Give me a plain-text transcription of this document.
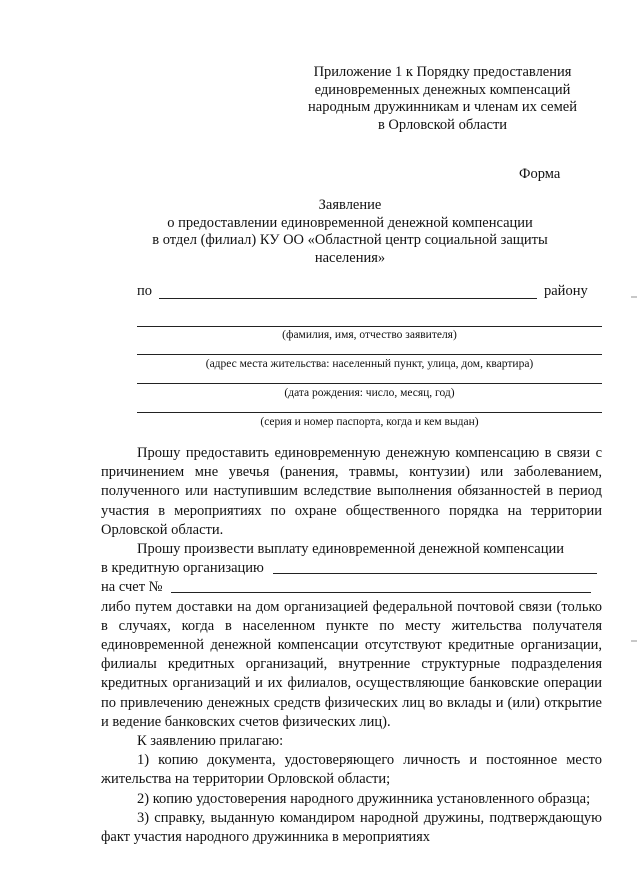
Приложение 1 к Порядку предоставления
единовременных денежных компенсаций
народным дружинникам и членам их семей
в Орловской области
Форма
Заявление
о предоставлении единовременной денежной компенсации
в отдел (филиал) КУ ОО «Областной центр социальной защиты
населения»
по	району
(фамилия, имя, отчество заявителя)
(адрес места жительства: населенный пункт, улица, дом, квартира)
(дата рождения: число, месяц, год)
(серия и номер паспорта, когда и кем выдан)

Прошу предоставить единовременную денежную компенсацию в связи с причинением мне увечья (ранения, травмы, контузии) или заболеванием, полученного или наступившим вследствие выполнения обязанностей в период участия в мероприятиях по охране общественного порядка на территории Орловской области.

Прошу произвести выплату единовременной денежной компенсации

в кредитную организацию
на счет №

либо путем доставки на дом организацией федеральной почтовой связи (только в случаях, когда в населенном пункте по месту жительства получателя единовременной денежной компенсации отсутствуют кредитные организации, филиалы кредитных организаций, внутренние структурные подразделения кредитных организаций и их филиалов, осуществляющие банковские операции по привлечению денежных средств физических лиц во вклады и (или) открытие и ведение банковских счетов физических лиц).

К заявлению прилагаю:

1) копию документа, удостоверяющего личность и постоянное место жительства на территории Орловской области;

2) копию удостоверения народного дружинника установленного образца;

3) справку, выданную командиром народной дружины, подтверждающую факт участия народного дружинника в мероприятиях
